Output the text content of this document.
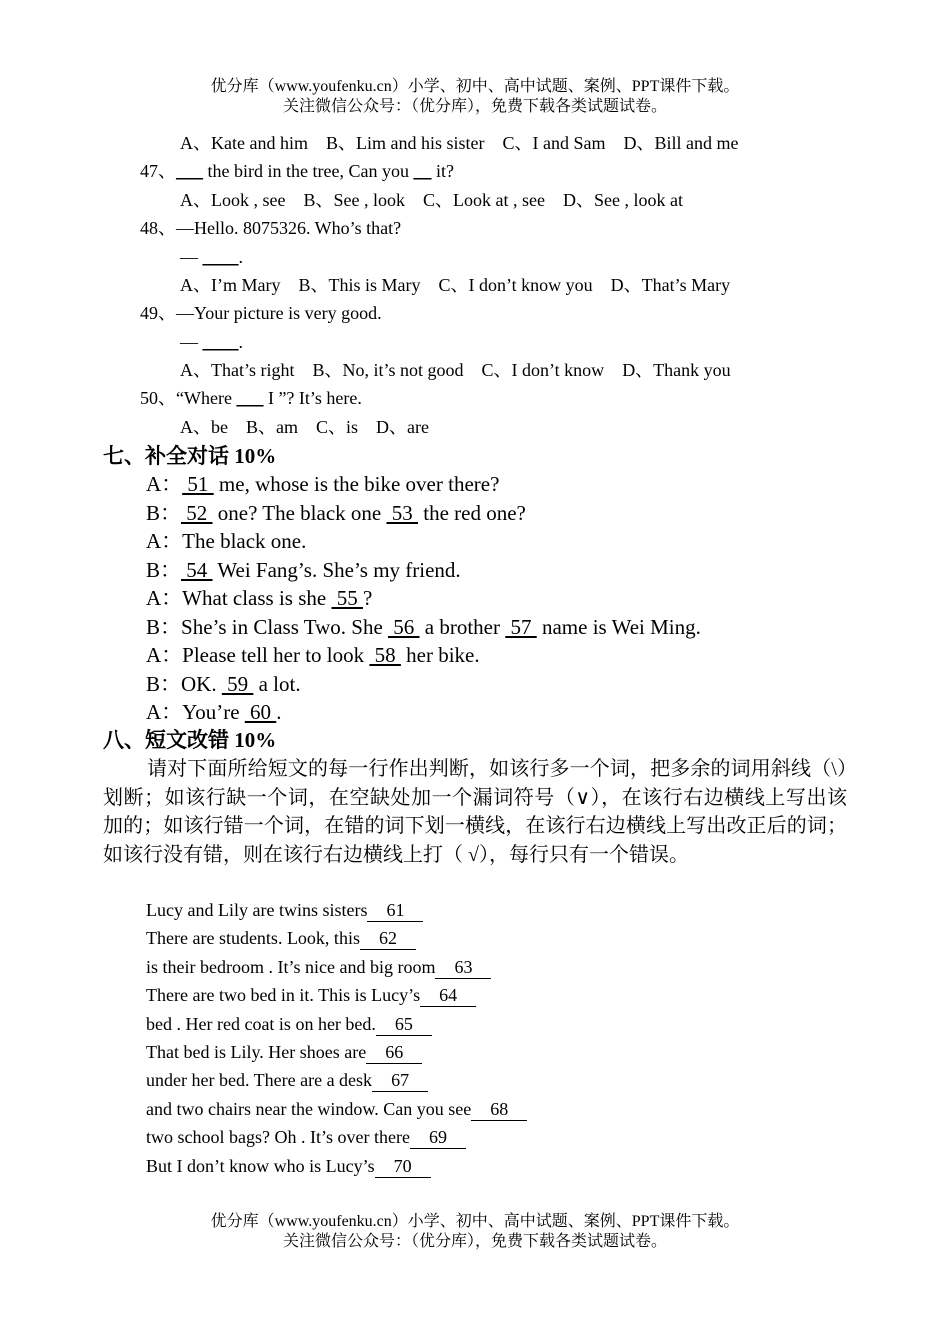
优分库（www.youfenku.cn）小学、初中、高中试题、案例、PPT课件下载。
关注微信公众号：（优分库），免费下载各类试题试卷。
A、Kate and him B、Lim and his sister C、I and Sam D、Bill and me
47、___ the bird in the tree, Can you __ it?
A、Look , see B、See , look C、Look at , see D、See , look at
48、—Hello. 8075326. Who’s that?
— ____.
A、I’m Mary B、This is Mary C、I don’t know you D、That’s Mary
49、—Your picture is very good.
— ____.
A、That’s right B、No, it’s not good C、I don’t know D、Thank you
50、“Where ___ I ”? It’s here.
A、be B、am C、is D、are
七、补全对话 10%
A： 51  me, whose is the bike over there?
B： 52  one? The black one  53  the red one?
A：The black one.
B： 54  Wei Fang’s. She’s my friend.
A：What class is she  55 ?
B：She’s in Class Two. She  56  a brother  57  name is Wei Ming.
A：Please tell her to look  58  her bike.
B：OK.  59  a lot.
A：You’re  60 .
八、短文改错 10%
请对下面所给短文的每一行作出判断，如该行多一个词，把多余的词用斜线（\）划断；如该行缺一个词，在空缺处加一个漏词符号（∨），在该行右边横线上写出该加的；如该行错一个词，在错的词下划一横线，在该行右边横线上写出改正后的词；如该行没有错，则在该行右边横线上打（ √），每行只有一个错误。
Lucy and Lily are twins sisters 61
There are students. Look, this 62
is their bedroom . It’s nice and big room 63
There are two bed in it. This is Lucy’s 64
bed . Her red coat is on her bed. 65
That bed is Lily. Her shoes are 66
under her bed. There are a desk 67
and two chairs near the window. Can you see 68
two school bags? Oh . It’s over there 69
But I don’t know who is Lucy’s 70
优分库（www.youfenku.cn）小学、初中、高中试题、案例、PPT课件下载。
关注微信公众号：（优分库），免费下载各类试题试卷。
